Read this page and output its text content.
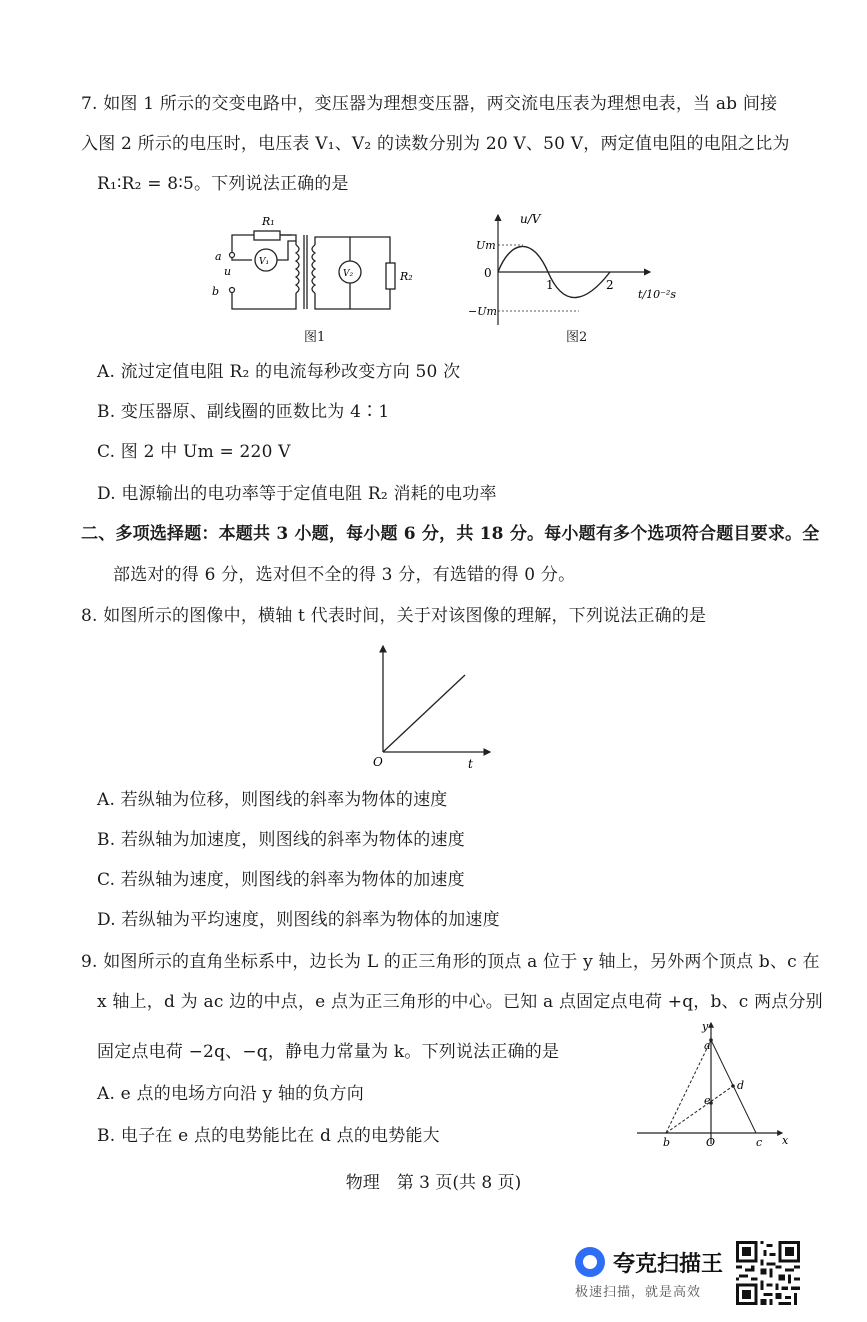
7. 如图 1 所示的交变电路中，变压器为理想变压器，两交流电压表为理想电表，当 ab 间接
入图 2 所示的电压时，电压表 V₁、V₂ 的读数分别为 20 V、50 V，两定值电阻的电阻之比为
R₁∶R₂ = 8∶5。下列说法正确的是
R₁
V₁
V₂	R₂
a
u
b
图1
u/V
Um
0
−Um
1	2
t/10⁻²s
图2
A. 流过定值电阻 R₂ 的电流每秒改变方向 50 次
B. 变压器原、副线圈的匝数比为 4∶1
C. 图 2 中 Um = 220 V
D. 电源输出的电功率等于定值电阻 R₂ 消耗的电功率
二、多项选择题：本题共 3 小题，每小题 6 分，共 18 分。每小题有多个选项符合题目要求。全
部选对的得 6 分，选对但不全的得 3 分，有选错的得 0 分。
8. 如图所示的图像中，横轴 t 代表时间，关于对该图像的理解，下列说法正确的是
O	t
A. 若纵轴为位移，则图线的斜率为物体的速度
B. 若纵轴为加速度，则图线的斜率为物体的速度
C. 若纵轴为速度，则图线的斜率为物体的加速度
D. 若纵轴为平均速度，则图线的斜率为物体的加速度
9. 如图所示的直角坐标系中，边长为 L 的正三角形的顶点 a 位于 y 轴上，另外两个顶点 b、c 在
x 轴上，d 为 ac 边的中点，e 点为正三角形的中心。已知 a 点固定点电荷 +q，b、c 两点分别
固定点电荷 −2q、−q，静电力常量为 k。下列说法正确的是
A. e 点的电场方向沿 y 轴的负方向
B. 电子在 e 点的电势能比在 d 点的电势能大
y
x
a
b	c
d
e
O
物理　第 3 页(共 8 页)
夸克扫描王
极速扫描，就是高效
